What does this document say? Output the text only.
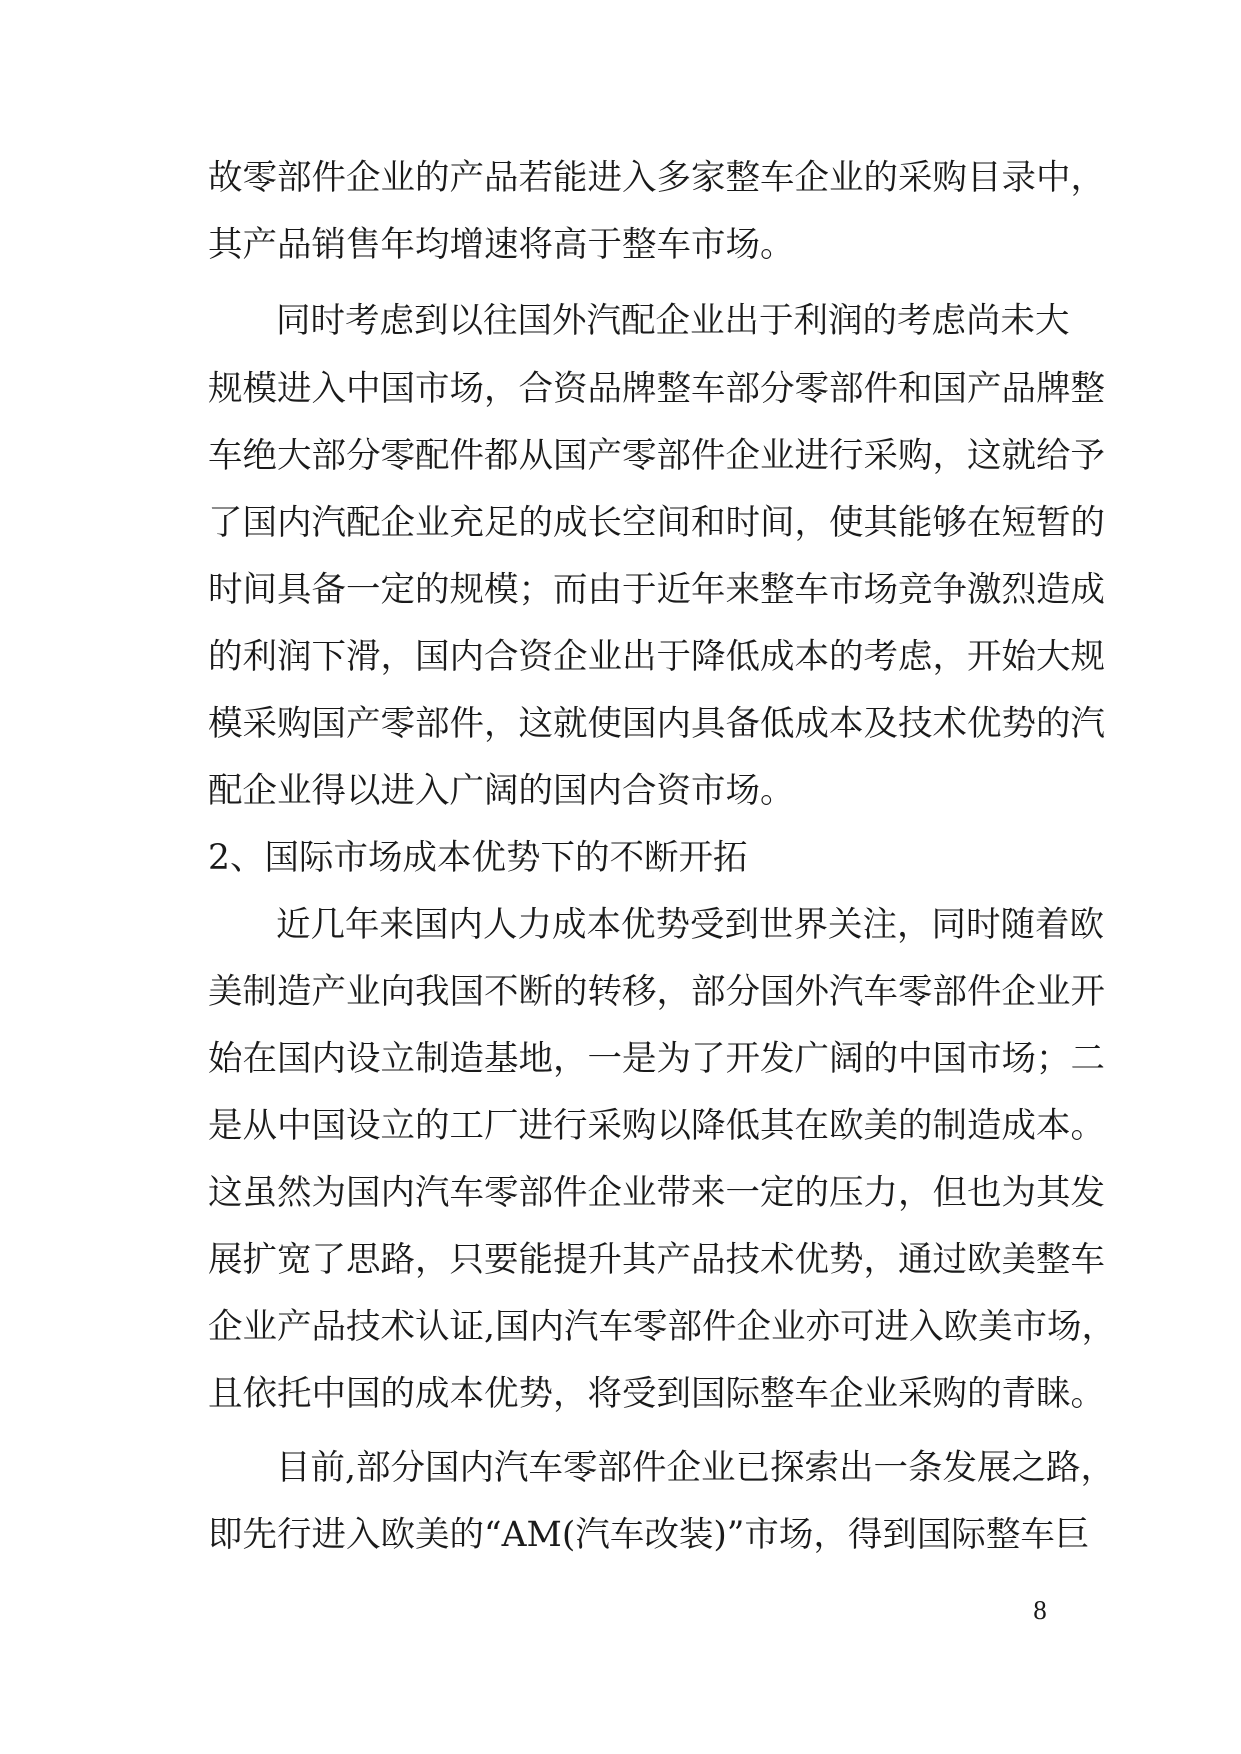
故零部件企业的产品若能进入多家整车企业的采购目录中，
其产品销售年均增速将高于整车市场。
同时考虑到以往国外汽配企业出于利润的考虑尚未大
规模进入中国市场，合资品牌整车部分零部件和国产品牌整
车绝大部分零配件都从国产零部件企业进行采购，这就给予
了国内汽配企业充足的成长空间和时间，使其能够在短暂的
时间具备一定的规模；而由于近年来整车市场竞争激烈造成
的利润下滑，国内合资企业出于降低成本的考虑，开始大规
模采购国产零部件，这就使国内具备低成本及技术优势的汽
配企业得以进入广阔的国内合资市场。
2、国际市场成本优势下的不断开拓
近几年来国内人力成本优势受到世界关注，同时随着欧
美制造产业向我国不断的转移，部分国外汽车零部件企业开
始在国内设立制造基地，一是为了开发广阔的中国市场；二
是从中国设立的工厂进行采购以降低其在欧美的制造成本。
这虽然为国内汽车零部件企业带来一定的压力，但也为其发
展扩宽了思路，只要能提升其产品技术优势，通过欧美整车
企业产品技术认证,国内汽车零部件企业亦可进入欧美市场，
且依托中国的成本优势，将受到国际整车企业采购的青睐。
目前,部分国内汽车零部件企业已探索出一条发展之路，
即先行进入欧美的“AM(汽车改装)”市场，得到国际整车巨
8
